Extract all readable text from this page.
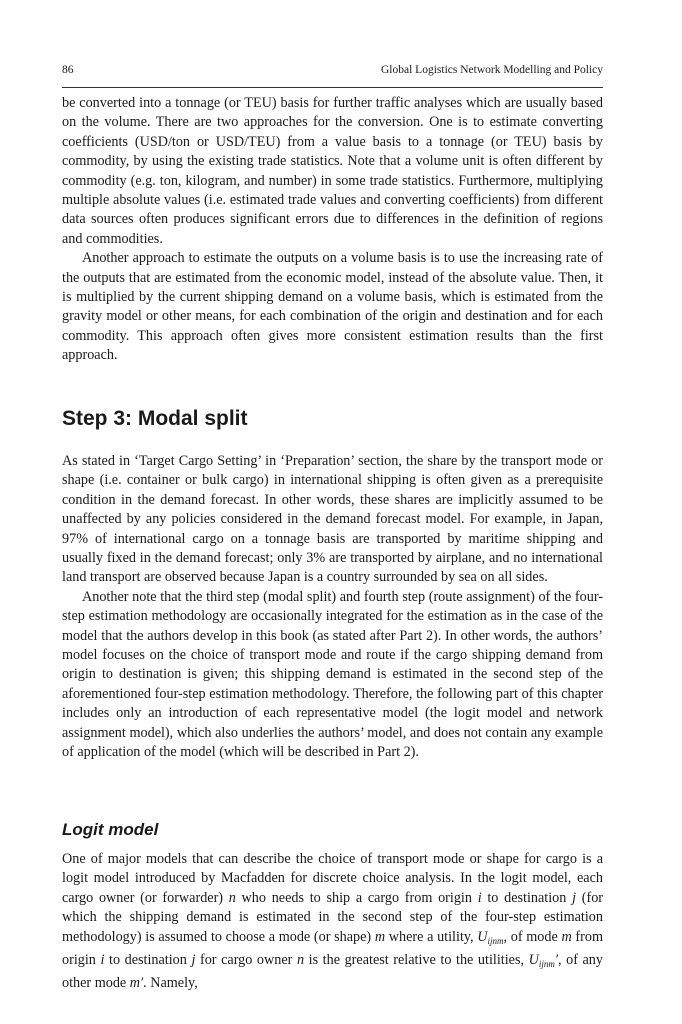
86	Global Logistics Network Modelling and Policy

be converted into a tonnage (or TEU) basis for further traffic analyses which are usually based on the volume. There are two approaches for the conversion. One is to estimate converting coefficients (USD/ton or USD/TEU) from a value basis to a tonnage (or TEU) basis by commodity, by using the existing trade statistics. Note that a volume unit is often different by commodity (e.g. ton, kilogram, and number) in some trade statistics. Furthermore, multiplying multiple absolute values (i.e. estimated trade values and converting coefficients) from different data sources often produces significant errors due to differences in the definition of regions and commodities.

Another approach to estimate the outputs on a volume basis is to use the increasing rate of the outputs that are estimated from the economic model, instead of the absolute value. Then, it is multiplied by the current shipping demand on a volume basis, which is estimated from the gravity model or other means, for each combination of the origin and destination and for each commodity. This approach often gives more consistent estimation results than the first approach.

Step 3: Modal split

As stated in ‘Target Cargo Setting’ in ‘Preparation’ section, the share by the transport mode or shape (i.e. container or bulk cargo) in international shipping is often given as a prerequisite condition in the demand forecast. In other words, these shares are implicitly assumed to be unaffected by any policies considered in the demand forecast model. For example, in Japan, 97% of international cargo on a tonnage basis are transported by maritime shipping and usually fixed in the demand forecast; only 3% are transported by airplane, and no international land transport are observed because Japan is a country surrounded by sea on all sides.

Another note that the third step (modal split) and fourth step (route assignment) of the four-step estimation methodology are occasionally integrated for the estimation as in the case of the model that the authors develop in this book (as stated after Part 2). In other words, the authors’ model focuses on the choice of transport mode and route if the cargo shipping demand from origin to destination is given; this shipping demand is estimated in the second step of the aforementioned four-step estimation methodology. Therefore, the following part of this chapter includes only an introduction of each representative model (the logit model and network assignment model), which also underlies the authors’ model, and does not contain any example of application of the model (which will be described in Part 2).

Logit model

One of major models that can describe the choice of transport mode or shape for cargo is a logit model introduced by Macfadden for discrete choice analysis. In the logit model, each cargo owner (or forwarder) n who needs to ship a cargo from origin i to destination j (for which the shipping demand is estimated in the second step of the four-step estimation methodology) is assumed to choose a mode (or shape) m where a utility, $U_{ijnm}$, of mode m from origin i to destination j for cargo owner n is the greatest relative to the utilities, $U_{ijnm}'$, of any other mode m′. Namely,
